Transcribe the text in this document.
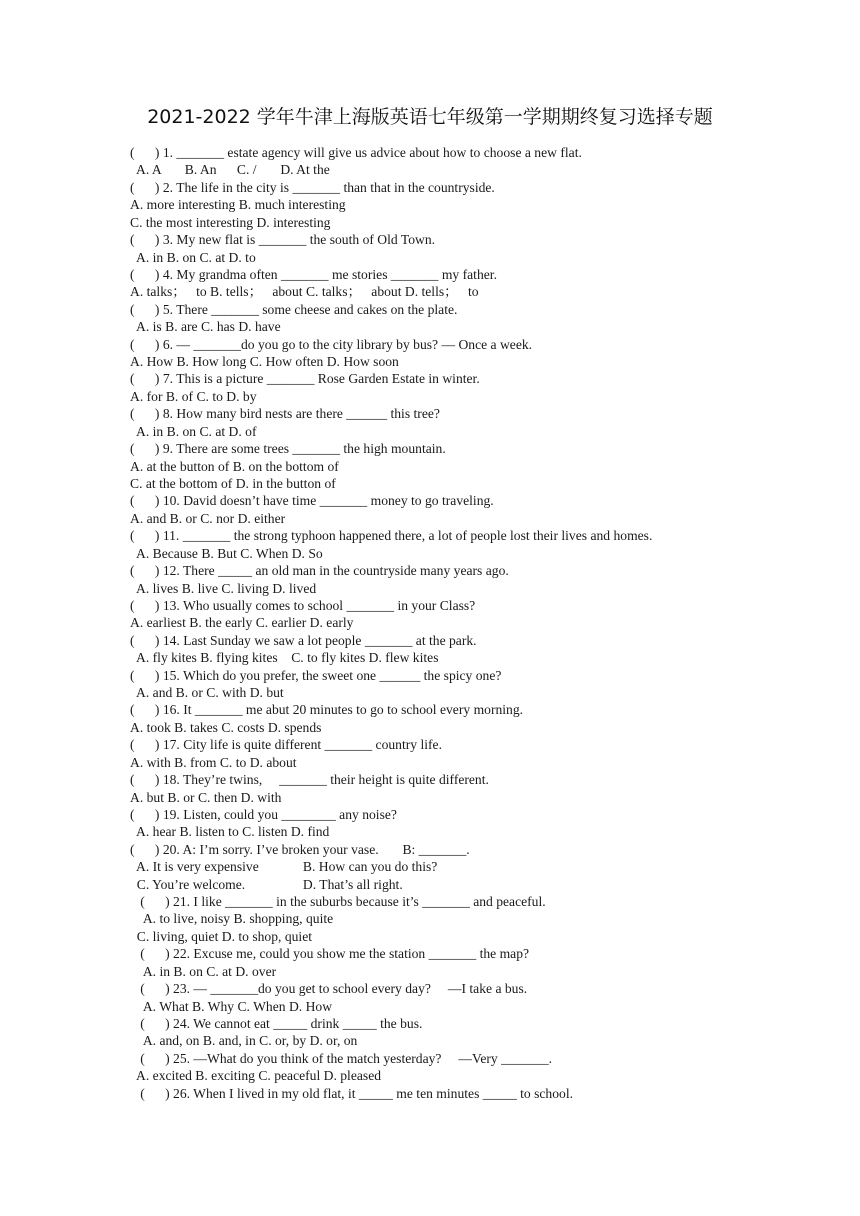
2021-2022 学年牛津上海版英语七年级第一学期期终复习选择专题
(      ) 1. _______ estate agency will give us advice about how to choose a new flat.
A. A       B. An      C. /       D. At the
(      ) 2. The life in the city is _______ than that in the countryside.
A. more interesting B. much interesting
C. the most interesting D. interesting
(      ) 3. My new flat is _______ the south of Old Town.
A. in B. on C. at D. to
(      ) 4. My grandma often _______ me stories _______ my father.
A. talks；   to B. tells；   about C. talks；   about D. tells；   to
(      ) 5. There _______ some cheese and cakes on the plate.
A. is B. are C. has D. have
(      ) 6. — _______do you go to the city library by bus? — Once a week.
A. How B. How long C. How often D. How soon
(      ) 7. This is a picture _______ Rose Garden Estate in winter.
A. for B. of C. to D. by
(      ) 8. How many bird nests are there ______ this tree?
A. in B. on C. at D. of
(      ) 9. There are some trees _______ the high mountain.
A. at the button of B. on the bottom of
C. at the bottom of D. in the button of
(      ) 10. David doesn’t have time _______ money to go traveling.
A. and B. or C. nor D. either
(      ) 11. _______ the strong typhoon happened there, a lot of people lost their lives and homes.
A. Because B. But C. When D. So
(      ) 12. There _____ an old man in the countryside many years ago.
A. lives B. live C. living D. lived
(      ) 13. Who usually comes to school _______ in your Class?
A. earliest B. the early C. earlier D. early
(      ) 14. Last Sunday we saw a lot people _______ at the park.
A. fly kites B. flying kites    C. to fly kites D. flew kites
(      ) 15. Which do you prefer, the sweet one ______ the spicy one?
A. and B. or C. with D. but
(      ) 16. It _______ me abut 20 minutes to go to school every morning.
A. took B. takes C. costs D. spends
(      ) 17. City life is quite different _______ country life.
A. with B. from C. to D. about
(      ) 18. They’re twins,     _______ their height is quite different.
A. but B. or C. then D. with
(      ) 19. Listen, could you ________ any noise?
A. hear B. listen to C. listen D. find
(      ) 20. A: I’m sorry. I’ve broken your vase.       B: _______.
A. It is very expensive             B. How can you do this?
C. You’re welcome.                 D. That’s all right.
(      ) 21. I like _______ in the suburbs because it’s _______ and peaceful.
A. to live, noisy B. shopping, quite
C. living, quiet D. to shop, quiet
(      ) 22. Excuse me, could you show me the station _______ the map?
A. in B. on C. at D. over
(      ) 23. — _______do you get to school every day?     —I take a bus.
A. What B. Why C. When D. How
(      ) 24. We cannot eat _____ drink _____ the bus.
A. and, on B. and, in C. or, by D. or, on
(      ) 25. —What do you think of the match yesterday?     —Very _______.
A. excited B. exciting C. peaceful D. pleased
(      ) 26. When I lived in my old flat, it _____ me ten minutes _____ to school.
